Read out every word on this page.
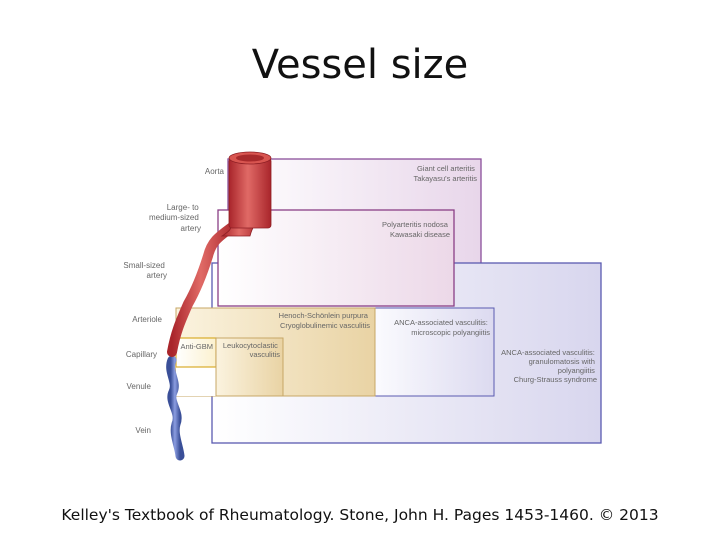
Vessel size
Aorta
Large- to medium-sized artery
Small-sized artery
Arteriole
Capillary
Venule
Vein
Giant cell arteritis Takayasu's arteritis
Polyarteritis nodosa Kawasaki disease
Henoch-Schönlein purpura Cryoglobulinemic vasculitis	ANCA-associated vasculitis: microscopic polyangiitis
ANCA-associated vasculitis: granulomatosis with polyangiitis Churg-Strauss syndrome
Anti-GBM Leukocytoclastic vasculitis
Kelley's Textbook of Rheumatology. Stone, John H. Pages 1453-1460. © 2013
